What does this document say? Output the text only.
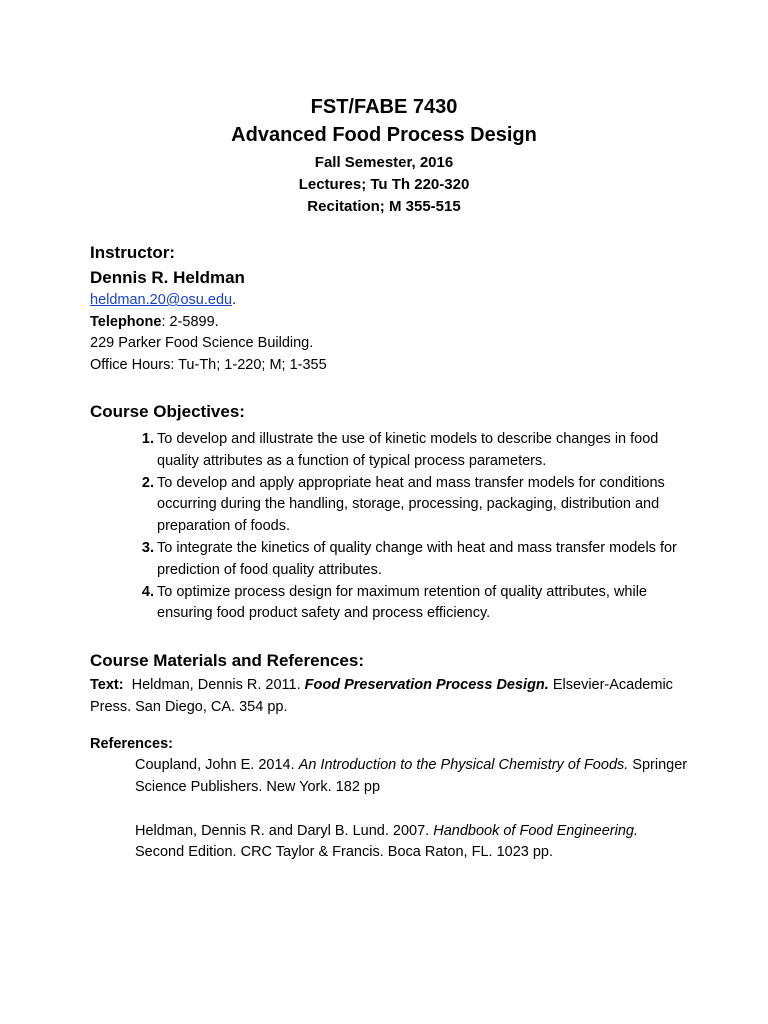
FST/FABE 7430
Advanced Food Process Design
Fall Semester, 2016
Lectures; Tu Th 220-320
Recitation; M 355-515
Instructor:
Dennis R. Heldman
heldman.20@osu.edu.
Telephone: 2-5899.
229 Parker Food Science Building.
Office Hours: Tu-Th; 1-220; M; 1-355
Course Objectives:
1. To develop and illustrate the use of kinetic models to describe changes in food quality attributes as a function of typical process parameters.
2. To develop and apply appropriate heat and mass transfer models for conditions occurring during the handling, storage, processing, packaging, distribution and preparation of foods.
3. To integrate the kinetics of quality change with heat and mass transfer models for prediction of food quality attributes.
4. To optimize process design for maximum retention of quality attributes, while ensuring food product safety and process efficiency.
Course Materials and References:
Text:  Heldman, Dennis R. 2011. Food Preservation Process Design. Elsevier-Academic Press. San Diego, CA. 354 pp.
References:
Coupland, John E. 2014. An Introduction to the Physical Chemistry of Foods. Springer Science Publishers. New York. 182 pp
Heldman, Dennis R. and Daryl B. Lund. 2007. Handbook of Food Engineering. Second Edition. CRC Taylor & Francis. Boca Raton, FL. 1023 pp.
